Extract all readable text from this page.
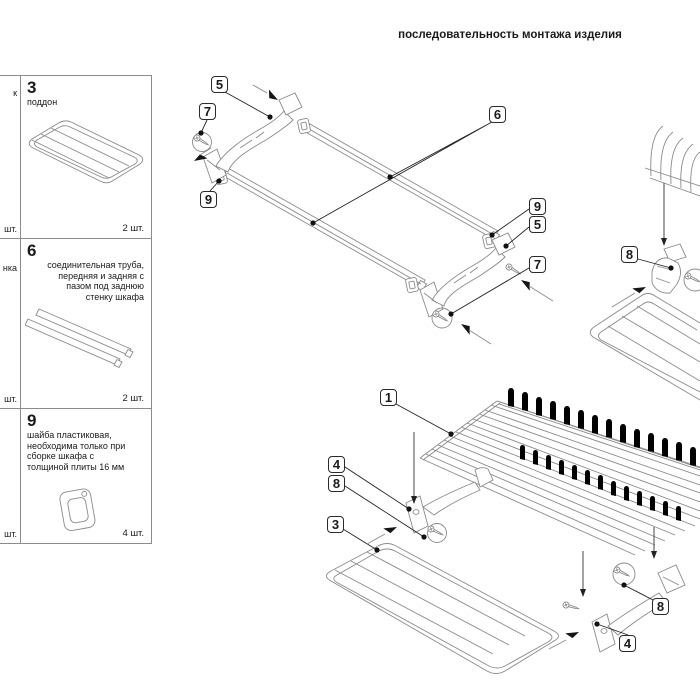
последовательность монтажа изделия
к
шт.
3
поддон
2 шт.
нка
шт.
6
соединительная труба,
передняя и задняя с
пазом под заднюю
стенку шкафа
2 шт.
шт.
9
шайба пластиковая,
необходима только при
сборке шкафа с
толщиной плиты 16 мм
4 шт.
5
7
9
6
9
5
7
8
1
4
8
3
8
4
